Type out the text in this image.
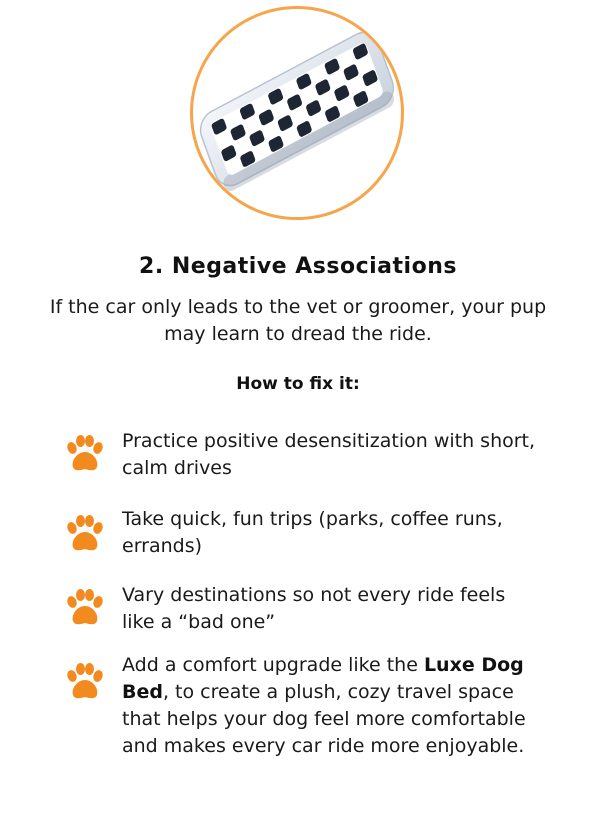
2. Negative Associations
If the car only leads to the vet or groomer, your pup may learn to dread the ride.
How to fix it:
Practice positive desensitization with short, calm drives
Take quick, fun trips (parks, coffee runs, errands)
Vary destinations so not every ride feels like a “bad one”
Add a comfort upgrade like the Luxe Dog Bed, to create a plush, cozy travel space that helps your dog feel more comfortable and makes every car ride more enjoyable.
